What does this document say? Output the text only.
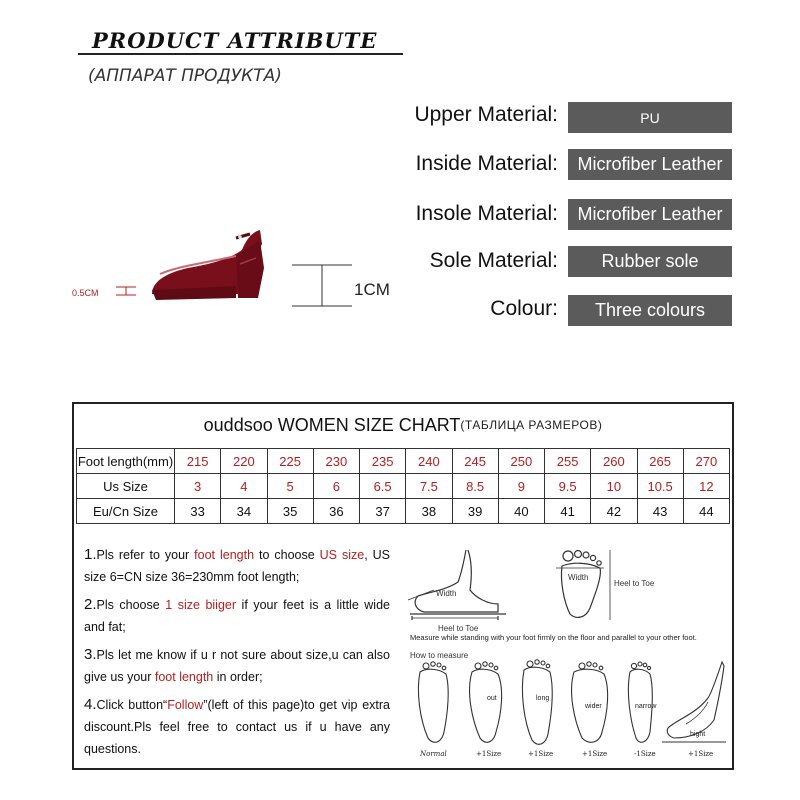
PRODUCT ATTRIBUTE
(АППАРАТ ПРОДУКТА)
Upper Material:	PU
Inside Material:	Microfiber Leather
Insole Material:	Microfiber Leather
Sole Material:	Rubber sole
Colour:	Three colours
0.5CM	1CM
ouddsoo WOMEN SIZE CHART (ТАБЛИЦА РАЗМЕРОВ)
Foot length(mm)	215	220	225	230	235	240	245	250	255	260	265	270
Us Size	3	4	5	6	6.5	7.5	8.5	9	9.5	10	10.5	12
Eu/Cn Size	33	34	35	36	37	38	39	40	41	42	43	44

1.Pls refer to your foot length to choose US size, US size 6=CN size 36=230mm foot length;

2.Pls choose 1 size biiger if your feet is a little wide and fat;

3.Pls let me know if u r not sure about size,u can also give us your foot length in order;

4.Click button“Follow”(left of this page)to get vip extra discount.Pls feel free to contact us if u have any questions.

Width
Heel to Toe
Width
Heel to Toe
Measure while standing with your foot firmly on the floor and parallel to your other foot.
How to measure
out	long
wider	narrow
hight
Normal	+1Size	+1Size	+1Size	-1Size	+1Size
